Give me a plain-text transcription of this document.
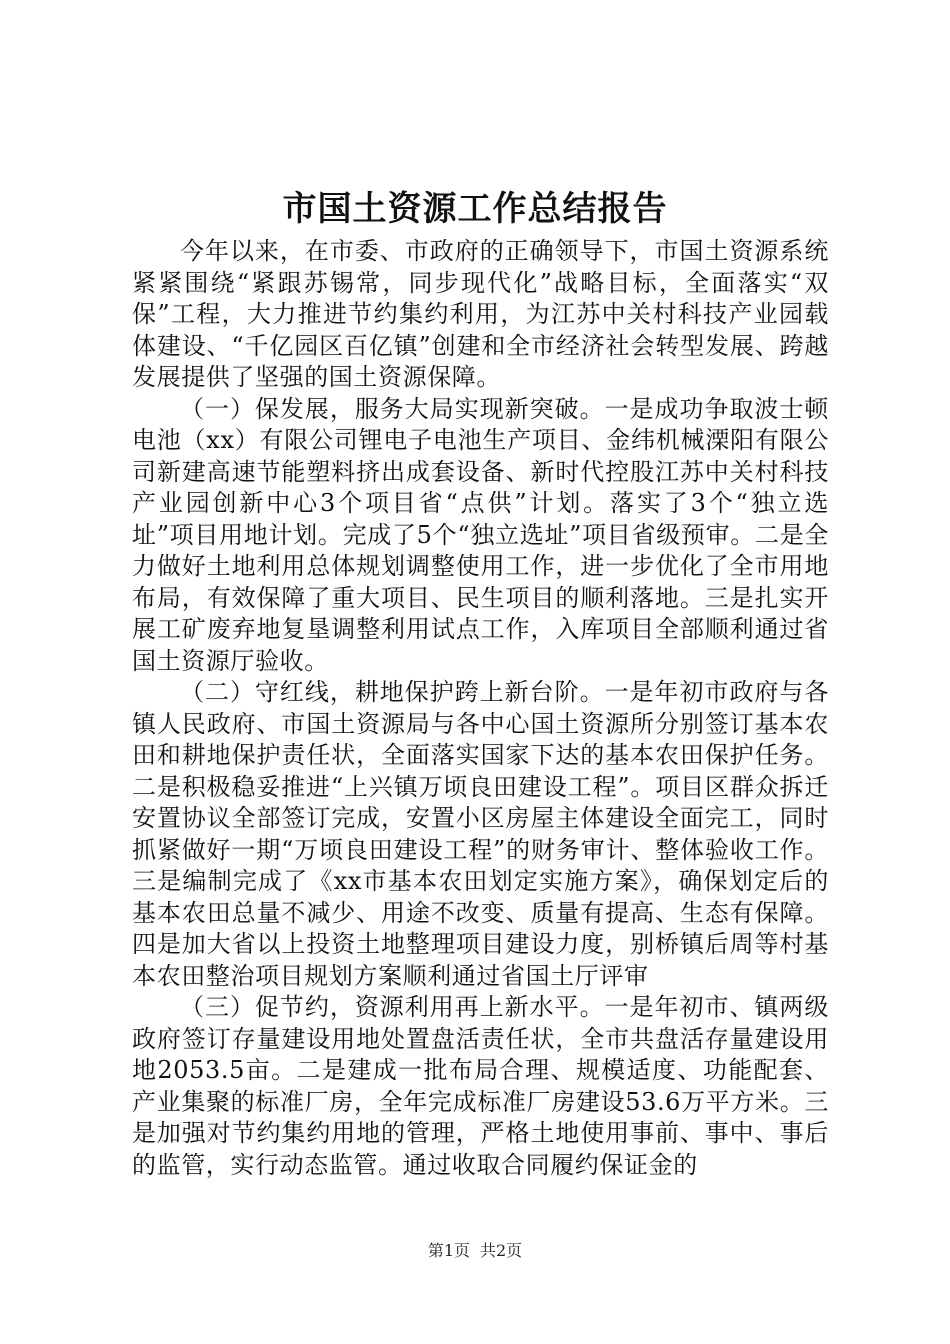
市国土资源工作总结报告

今年以来，在市委、市政府的正确领导下，市国土资源系统紧紧围绕“紧跟苏锡常，同步现代化”战略目标，全面落实“双保”工程，大力推进节约集约利用，为江苏中关村科技产业园载体建设、“千亿园区百亿镇”创建和全市经济社会转型发展、跨越发展提供了坚强的国土资源保障。

（一）保发展，服务大局实现新突破。一是成功争取波士顿电池（xx）有限公司锂电子电池生产项目、金纬机械溧阳有限公司新建高速节能塑料挤出成套设备、新时代控股江苏中关村科技产业园创新中心3个项目省“点供”计划。落实了3个“独立选址”项目用地计划。完成了5个“独立选址”项目省级预审。二是全力做好土地利用总体规划调整使用工作，进一步优化了全市用地布局，有效保障了重大项目、民生项目的顺利落地。三是扎实开展工矿废弃地复垦调整利用试点工作，入库项目全部顺利通过省国土资源厅验收。

（二）守红线，耕地保护跨上新台阶。一是年初市政府与各镇人民政府、市国土资源局与各中心国土资源所分别签订基本农田和耕地保护责任状，全面落实国家下达的基本农田保护任务。二是积极稳妥推进“上兴镇万顷良田建设工程”。项目区群众拆迁安置协议全部签订完成，安置小区房屋主体建设全面完工，同时抓紧做好一期“万顷良田建设工程”的财务审计、整体验收工作。三是编制完成了《xx市基本农田划定实施方案》，确保划定后的基本农田总量不减少、用途不改变、质量有提高、生态有保障。四是加大省以上投资土地整理项目建设力度，别桥镇后周等村基本农田整治项目规划方案顺利通过省国土厅评审

（三）促节约，资源利用再上新水平。一是年初市、镇两级政府签订存量建设用地处置盘活责任状，全市共盘活存量建设用地2053.5亩。二是建成一批布局合理、规模适度、功能配套、产业集聚的标准厂房，全年完成标准厂房建设53.6万平方米。三是加强对节约集约用地的管理，严格土地使用事前、事中、事后的监管，实行动态监管。通过收取合同履约保证金的

第1页 共2页
